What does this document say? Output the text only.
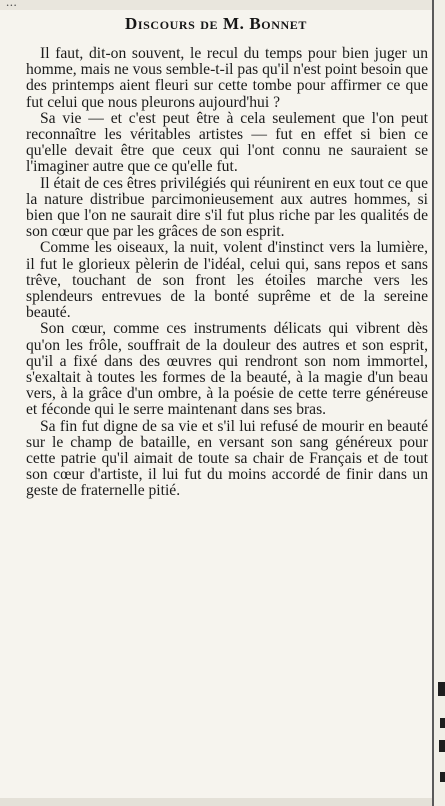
...
Discours de M. Bonnet

Il faut, dit-on souvent, le recul du temps pour bien juger un homme, mais ne vous semble-t-il pas qu'il n'est point besoin que des printemps aient fleuri sur cette tombe pour affirmer ce que fut celui que nous pleurons aujourd'hui ?

Sa vie — et c'est peut être à cela seulement que l'on peut reconnaître les véritables artistes — fut en effet si bien ce qu'elle devait être que ceux qui l'ont connu ne sauraient se l'imaginer autre que ce qu'elle fut.

Il était de ces êtres privilégiés qui réunirent en eux tout ce que la nature distribue parcimonieusement aux autres hommes, si bien que l'on ne saurait dire s'il fut plus riche par les qualités de son cœur que par les grâces de son esprit.

Comme les oiseaux, la nuit, volent d'instinct vers la lumière, il fut le glorieux pèlerin de l'idéal, celui qui, sans repos et sans trêve, touchant de son front les étoiles marche vers les splendeurs entrevues de la bonté suprême et de la sereine beauté.

Son cœur, comme ces instruments délicats qui vibrent dès qu'on les frôle, souffrait de la douleur des autres et son esprit, qu'il a fixé dans des œuvres qui rendront son nom immortel, s'exaltait à toutes les formes de la beauté, à la magie d'un beau vers, à la grâce d'un ombre, à la poésie de cette terre généreuse et féconde qui le serre maintenant dans ses bras.

Sa fin fut digne de sa vie et s'il lui refusé de mourir en beauté sur le champ de bataille, en versant son sang généreux pour cette patrie qu'il aimait de toute sa chair de Français et de tout son cœur d'artiste, il lui fut du moins accordé de finir dans un geste de fraternelle pitié.
